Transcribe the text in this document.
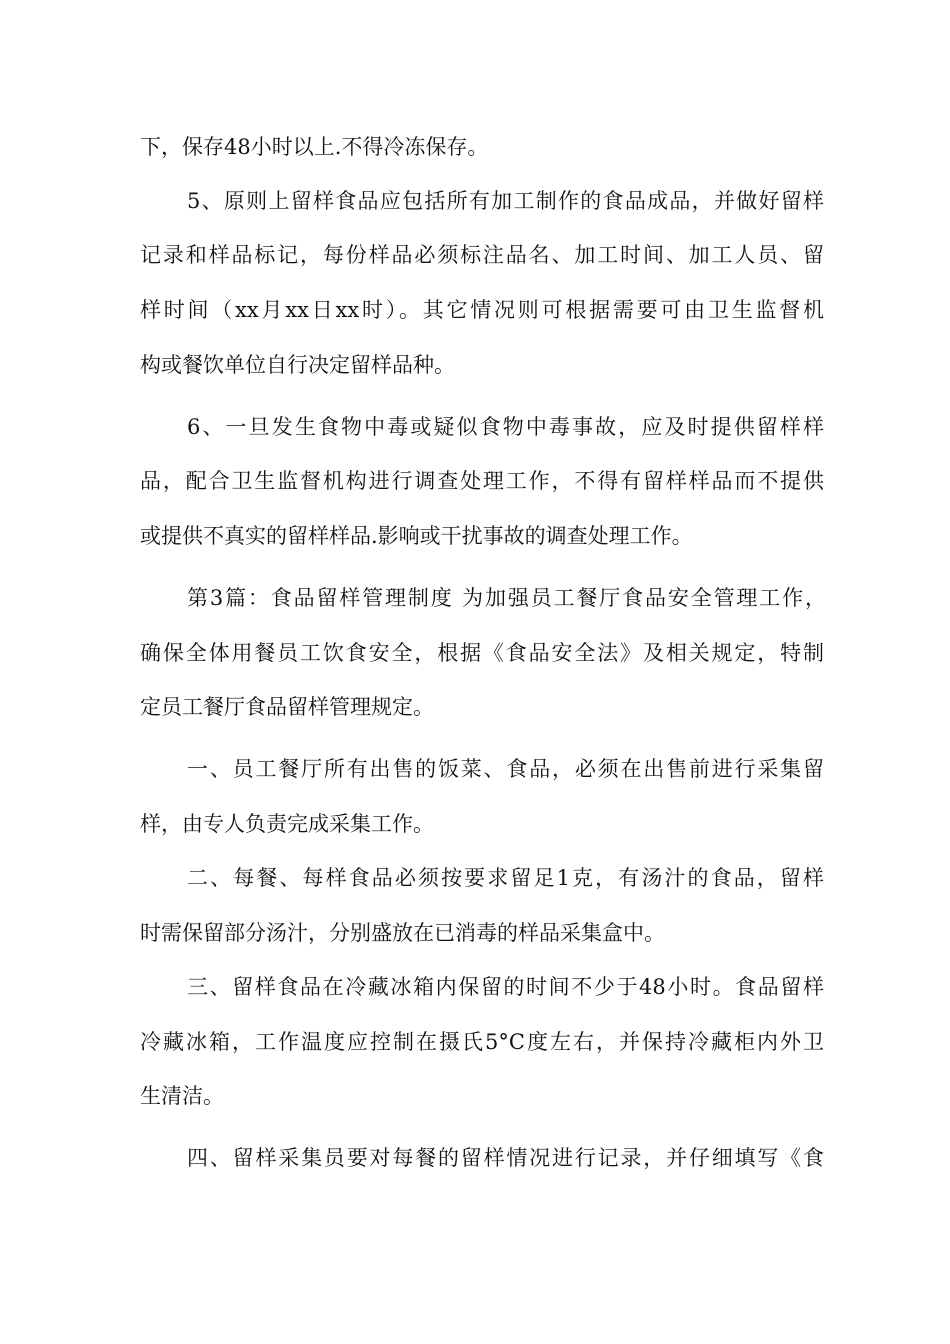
下，保存48小时以上.不得冷冻保存。
5、原则上留样食品应包括所有加工制作的食品成品，并做好留样
记录和样品标记，每份样品必须标注品名、加工时间、加工人员、留
样时间（xx月xx日xx时）。其它情况则可根据需要可由卫生监督机
构或餐饮单位自行决定留样品种。
6、一旦发生食物中毒或疑似食物中毒事故，应及时提供留样样
品，配合卫生监督机构进行调查处理工作，不得有留样样品而不提供
或提供不真实的留样样品.影响或干扰事故的调查处理工作。
第3篇：食品留样管理制度 为加强员工餐厅食品安全管理工作，
确保全体用餐员工饮食安全，根据《食品安全法》及相关规定，特制
定员工餐厅食品留样管理规定。
一、员工餐厅所有出售的饭菜、食品，必须在出售前进行采集留
样，由专人负责完成采集工作。
二、每餐、每样食品必须按要求留足1克，有汤汁的食品，留样
时需保留部分汤汁，分别盛放在已消毒的样品采集盒中。
三、留样食品在冷藏冰箱内保留的时间不少于48小时。食品留样
冷藏冰箱，工作温度应控制在摄氏5°C度左右，并保持冷藏柜内外卫
生清洁。
四、留样采集员要对每餐的留样情况进行记录，并仔细填写《食
